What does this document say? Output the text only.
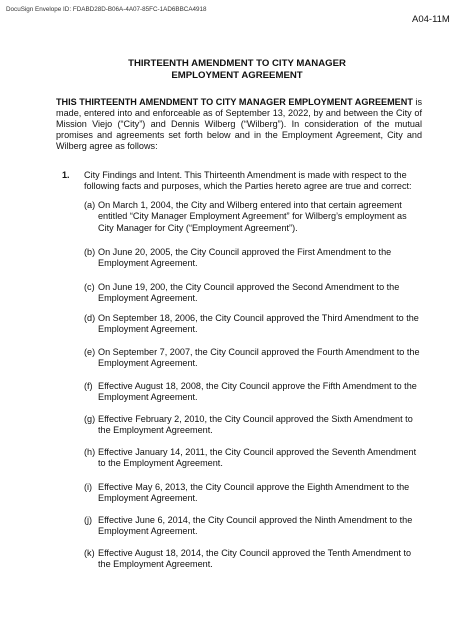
DocuSign Envelope ID: FDABD28D-B06A-4A07-85FC-1AD6BBCA4918
A04-11M
THIRTEENTH AMENDMENT TO CITY MANAGER
EMPLOYMENT AGREEMENT
THIS THIRTEENTH AMENDMENT TO CITY MANAGER EMPLOYMENT AGREEMENT is made, entered into and enforceable as of September 13, 2022, by and between the City of Mission Viejo (“City”) and Dennis Wilberg (“Wilberg”). In consideration of the mutual promises and agreements set forth below and in the Employment Agreement, City and Wilberg agree as follows:
1. City Findings and Intent. This Thirteenth Amendment is made with respect to the following facts and purposes, which the Parties hereto agree are true and correct:
(a) On March 1, 2004, the City and Wilberg entered into that certain agreement entitled “City Manager Employment Agreement” for Wilberg’s employment as City Manager for City (“Employment Agreement”).
(b) On June 20, 2005, the City Council approved the First Amendment to the Employment Agreement.
(c) On June 19, 200, the City Council approved the Second Amendment to the Employment Agreement.
(d) On September 18, 2006, the City Council approved the Third Amendment to the Employment Agreement.
(e) On September 7, 2007, the City Council approved the Fourth Amendment to the Employment Agreement.
(f) Effective August 18, 2008, the City Council approve the Fifth Amendment to the Employment Agreement.
(g) Effective February 2, 2010, the City Council approved the Sixth Amendment to the Employment Agreement.
(h) Effective January 14, 2011, the City Council approved the Seventh Amendment to the Employment Agreement.
(i) Effective May 6, 2013, the City Council approve the Eighth Amendment to the Employment Agreement.
(j) Effective June 6, 2014, the City Council approved the Ninth Amendment to the Employment Agreement.
(k) Effective August 18, 2014, the City Council approved the Tenth Amendment to the Employment Agreement.
